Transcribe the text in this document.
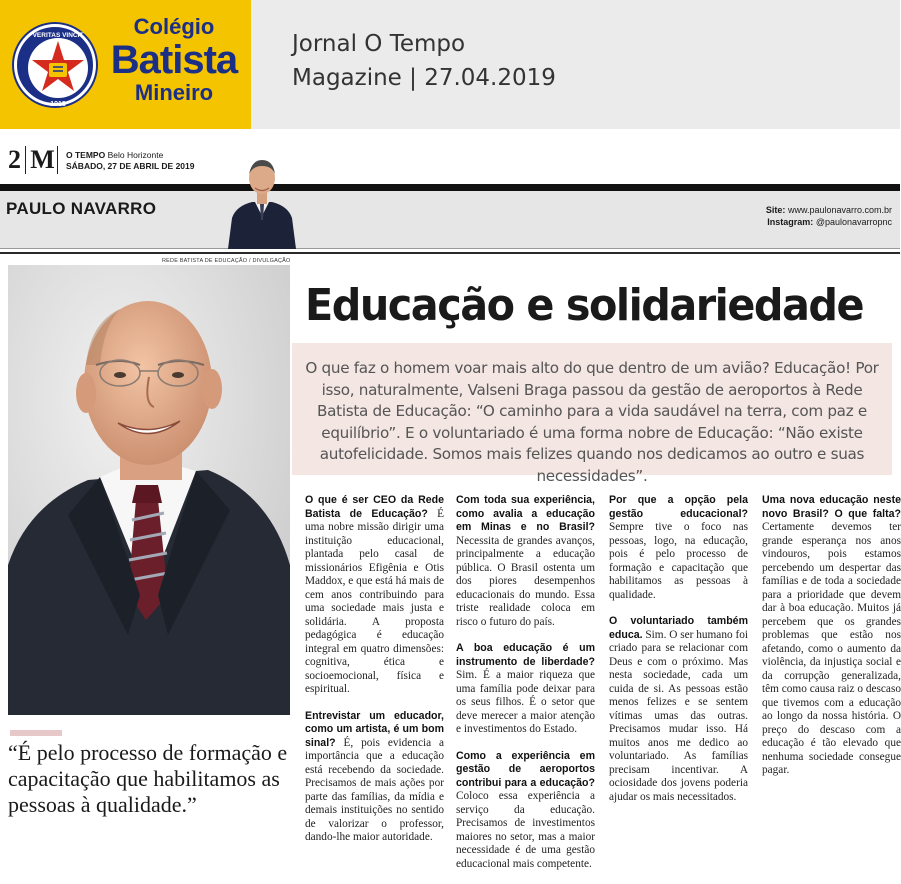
VERITAS VINCIT
1918
Colégio
Batista
Mineiro
Jornal O Tempo
Magazine | 27.04.2019
2 M	O TEMPO Belo Horizonte
SÁBADO, 27 DE ABRIL DE 2019
PAULO NAVARRO	Site: www.paulonavarro.com.br
Instagram: @paulonavarropnc
REDE BATISTA DE EDUCAÇÃO / DIVULGAÇÃO
“É pelo processo de formação e capacitação que habilitamos as pessoas à qualidade.”
Educação e solidariedade
O que faz o homem voar mais alto do que dentro de um avião? Educação! Por isso, naturalmente, Valseni Braga passou da gestão de aeroportos à Rede Batista de Educação: “O caminho para a vida saudável na terra, com paz e equilíbrio”. E o voluntariado é uma forma nobre de Educação: “Não existe autofelicidade. Somos mais felizes quando nos dedicamos ao outro e suas necessidades”.

O que é ser CEO da Rede Batista de Educação? É uma nobre missão dirigir uma instituição educacional, plantada pelo casal de missionários Efigênia e Otis Maddox, e que está há mais de cem anos contribuindo para uma sociedade mais justa e solidária. A proposta pedagógica é educação integral em quatro dimensões: cognitiva, ética e socioemocional, física e espiritual.

Entrevistar um educador, como um artista, é um bom sinal? É, pois evidencia a importância que a educação está recebendo da sociedade. Precisamos de mais ações por parte das famílias, da mídia e demais instituições no sentido de valorizar o professor, dando-lhe maior autoridade.

Com toda sua experiência, como avalia a educação em Minas e no Brasil? Necessita de grandes avanços, principalmente a educação pública. O Brasil ostenta um dos piores desempenhos educacionais do mundo. Essa triste realidade coloca em risco o futuro do país.

A boa educação é um instrumento de liberdade? Sim. É a maior riqueza que uma família pode deixar para os seus filhos. É o setor que deve merecer a maior atenção e investimentos do Estado.

Como a experiência em gestão de aeroportos contribui para a educação? Coloco essa experiência a serviço da educação. Precisamos de investimentos maiores no setor, mas a maior necessidade é de uma gestão educacional mais competente.

Por que a opção pela gestão educacional? Sempre tive o foco nas pessoas, logo, na educação, pois é pelo processo de formação e capacitação que habilitamos as pessoas à qualidade.

O voluntariado também educa. Sim. O ser humano foi criado para se relacionar com Deus e com o próximo. Mas nesta sociedade, cada um cuida de si. As pessoas estão menos felizes e se sentem vítimas umas das outras. Precisamos mudar isso. Há muitos anos me dedico ao voluntariado. As famílias precisam incentivar. A ociosidade dos jovens poderia ajudar os mais necessitados.

Uma nova educação neste novo Brasil? O que falta? Certamente devemos ter grande esperança nos anos vindouros, pois estamos percebendo um despertar das famílias e de toda a sociedade para a prioridade que devem dar à boa educação. Muitos já percebem que os grandes problemas que estão nos afetando, como o aumento da violência, da injustiça social e da corrupção generalizada, têm como causa raiz o descaso que tivemos com a educação ao longo da nossa história. O preço do descaso com a educação é tão elevado que nenhuma sociedade consegue pagar.
